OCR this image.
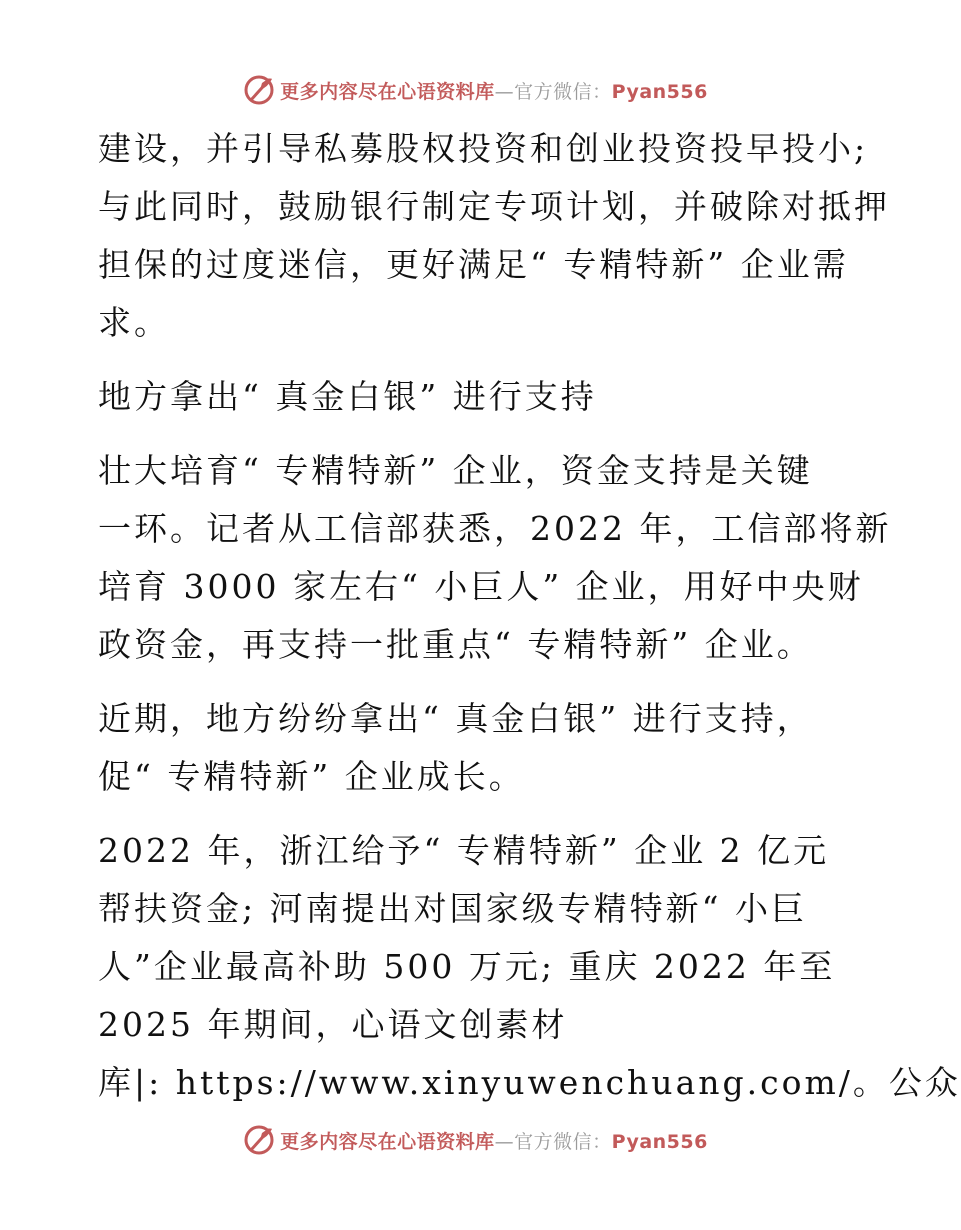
更多内容尽在心语资料库—官方微信：Pyan556
建设，并引导私募股权投资和创业投资投早投小;
与此同时，鼓励银行制定专项计划，并破除对抵押
担保的过度迷信，更好满足“ 专精特新” 企业需
求。
地方拿出“ 真金白银” 进行支持
壮大培育“ 专精特新” 企业，资金支持是关键
一环。记者从工信部获悉，2022 年，工信部将新
培育 3000 家左右“ 小巨人” 企业，用好中央财
政资金，再支持一批重点“ 专精特新” 企业。
近期，地方纷纷拿出“ 真金白银” 进行支持，
促“ 专精特新” 企业成长。
2022 年，浙江给予“ 专精特新” 企业 2 亿元
帮扶资金; 河南提出对国家级专精特新“ 小巨
人”企业最高补助 500 万元; 重庆 2022 年至
2025 年期间，心语文创素材
库|: https://www.xinyuwenchuang.com/。公众
更多内容尽在心语资料库—官方微信：Pyan556
